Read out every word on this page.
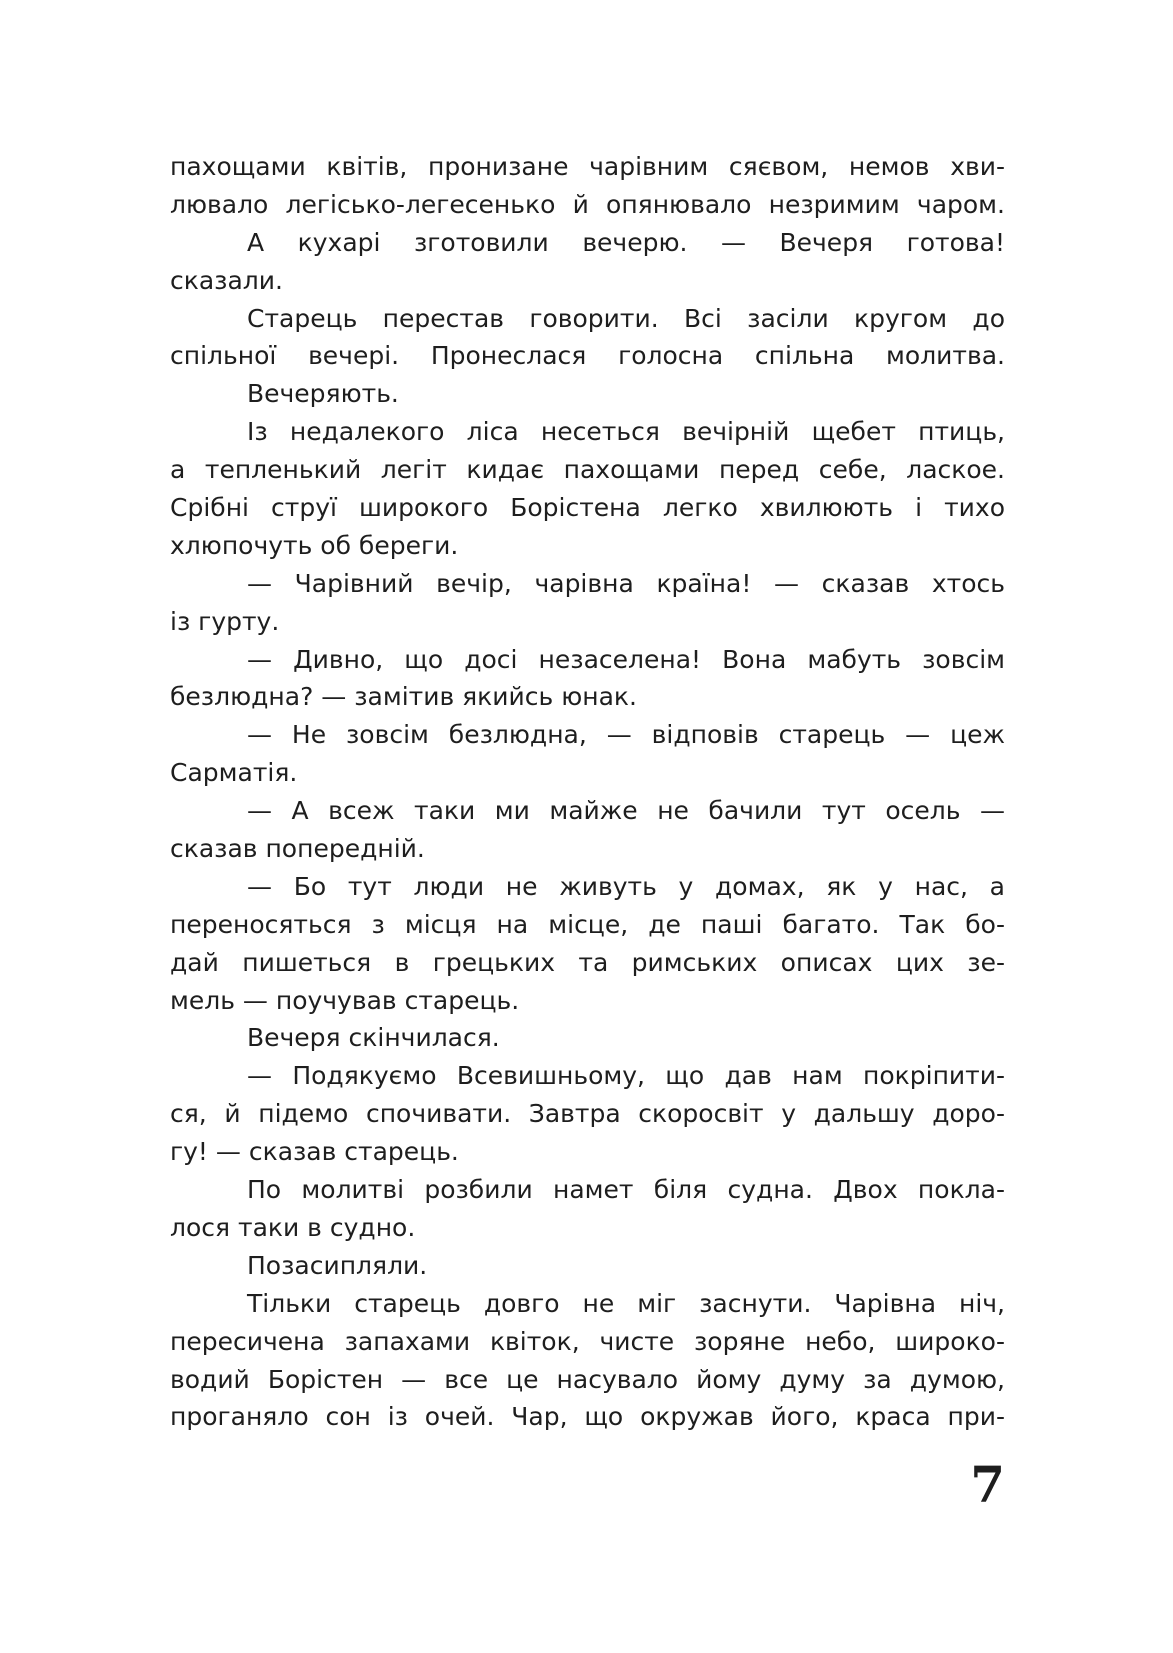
пахощами квітів, пронизане чарівним сяєвом, немов хви-
лювало легісько-легесенько й опянювало незримим чаром.
А кухарі зготовили вечерю. — Вечеря готова!
сказали.
Старець перестав говорити. Всі засіли кругом до
спільної вечері. Пронеслася голосна спільна молитва.
Вечеряють.
Із недалекого ліса несеться вечірній щебет птиць,
а тепленький легіт кидає пахощами перед себе, лаское.
Срібні струї широкого Борістена легко хвилюють і тихо
хлюпочуть об береги.
— Чарівний вечір, чарівна країна! — сказав хтось
із гурту.
— Дивно, що досі незаселена! Вона мабуть зовсім
безлюдна? — замітив якийсь юнак.
— Не зовсім безлюдна, — відповів старець — цеж
Сарматія.
— А всеж таки ми майже не бачили тут осель —
сказав попередній.
— Бо тут люди не живуть у домах, як у нас, а
переносяться з місця на місце, де паші багато. Так бо-
дай пишеться в грецьких та римських описах цих зе-
мель — поучував старець.
Вечеря скінчилася.
— Подякуємо Всевишньому, що дав нам покріпити-
ся, й підемо спочивати. Завтра скоросвіт у дальшу доро-
гу! — сказав старець.
По молитві розбили намет біля судна. Двох покла-
лося таки в судно.
Позасипляли.
Тільки старець довго не міг заснути. Чарівна ніч,
пересичена запахами квіток, чисте зоряне небо, широко-
водий Борістен — все це насувало йому думу за думою,
проганяло сон із очей. Чар, що окружав його, краса при-
7
